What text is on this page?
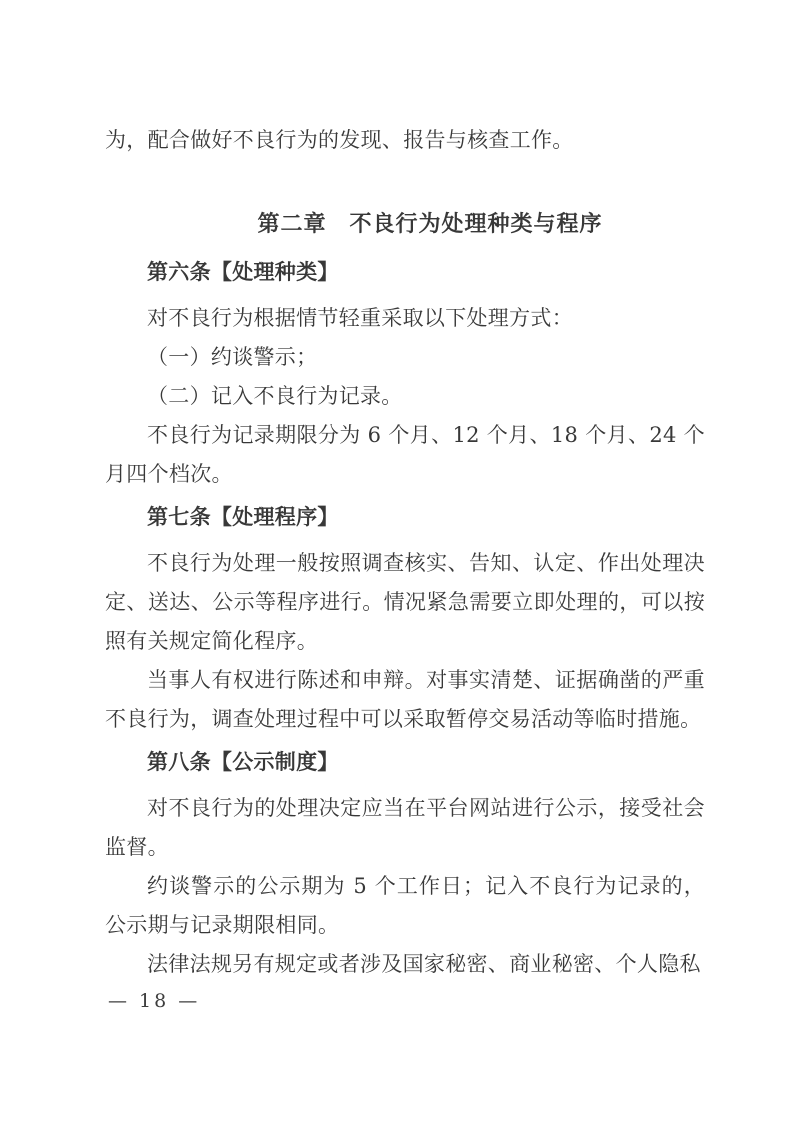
为，配合做好不良行为的发现、报告与核查工作。

第二章　不良行为处理种类与程序
第六条【处理种类】

对不良行为根据情节轻重采取以下处理方式：

（一）约谈警示；

（二）记入不良行为记录。

不良行为记录期限分为 6 个月、12 个月、18 个月、24 个月四个档次。

第七条【处理程序】

不良行为处理一般按照调查核实、告知、认定、作出处理决定、送达、公示等程序进行。情况紧急需要立即处理的，可以按照有关规定简化程序。

当事人有权进行陈述和申辩。对事实清楚、证据确凿的严重不良行为，调查处理过程中可以采取暂停交易活动等临时措施。

第八条【公示制度】

对不良行为的处理决定应当在平台网站进行公示，接受社会监督。

约谈警示的公示期为 5 个工作日；记入不良行为记录的，公示期与记录期限相同。

法律法规另有规定或者涉及国家秘密、商业秘密、个人隐私

— 18 —
